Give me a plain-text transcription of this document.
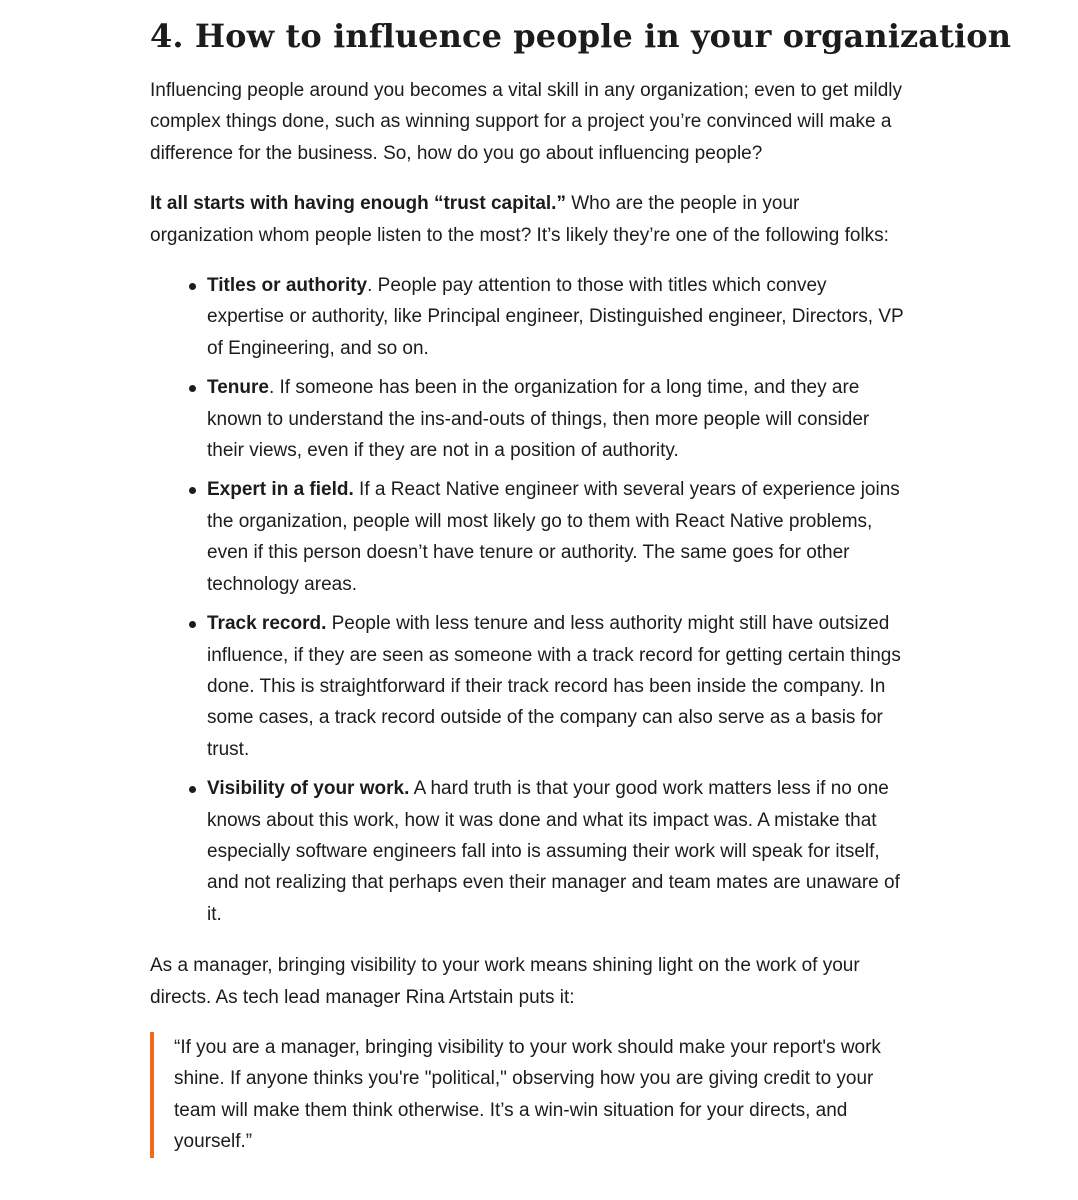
4. How to influence people in your organization

Influencing people around you becomes a vital skill in any organization; even to get mildly complex things done, such as winning support for a project you’re convinced will make a difference for the business. So, how do you go about influencing people?

It all starts with having enough “trust capital.” Who are the people in your organization whom people listen to the most? It’s likely they’re one of the following folks:

Titles or authority. People pay attention to those with titles which convey expertise or authority, like Principal engineer, Distinguished engineer, Directors, VP of Engineering, and so on.
Tenure. If someone has been in the organization for a long time, and they are known to understand the ins-and-outs of things, then more people will consider their views, even if they are not in a position of authority.
Expert in a field. If a React Native engineer with several years of experience joins the organization, people will most likely go to them with React Native problems, even if this person doesn’t have tenure or authority. The same goes for other technology areas.
Track record. People with less tenure and less authority might still have outsized influence, if they are seen as someone with a track record for getting certain things done. This is straightforward if their track record has been inside the company. In some cases, a track record outside of the company can also serve as a basis for trust.
Visibility of your work. A hard truth is that your good work matters less if no one knows about this work, how it was done and what its impact was. A mistake that especially software engineers fall into is assuming their work will speak for itself, and not realizing that perhaps even their manager and team mates are unaware of it.

As a manager, bringing visibility to your work means shining light on the work of your directs. As tech lead manager Rina Artstain puts it:

“If you are a manager, bringing visibility to your work should make your report's work shine. If anyone thinks you're "political," observing how you are giving credit to your team will make them think otherwise. It’s a win-win situation for your directs, and yourself.”
